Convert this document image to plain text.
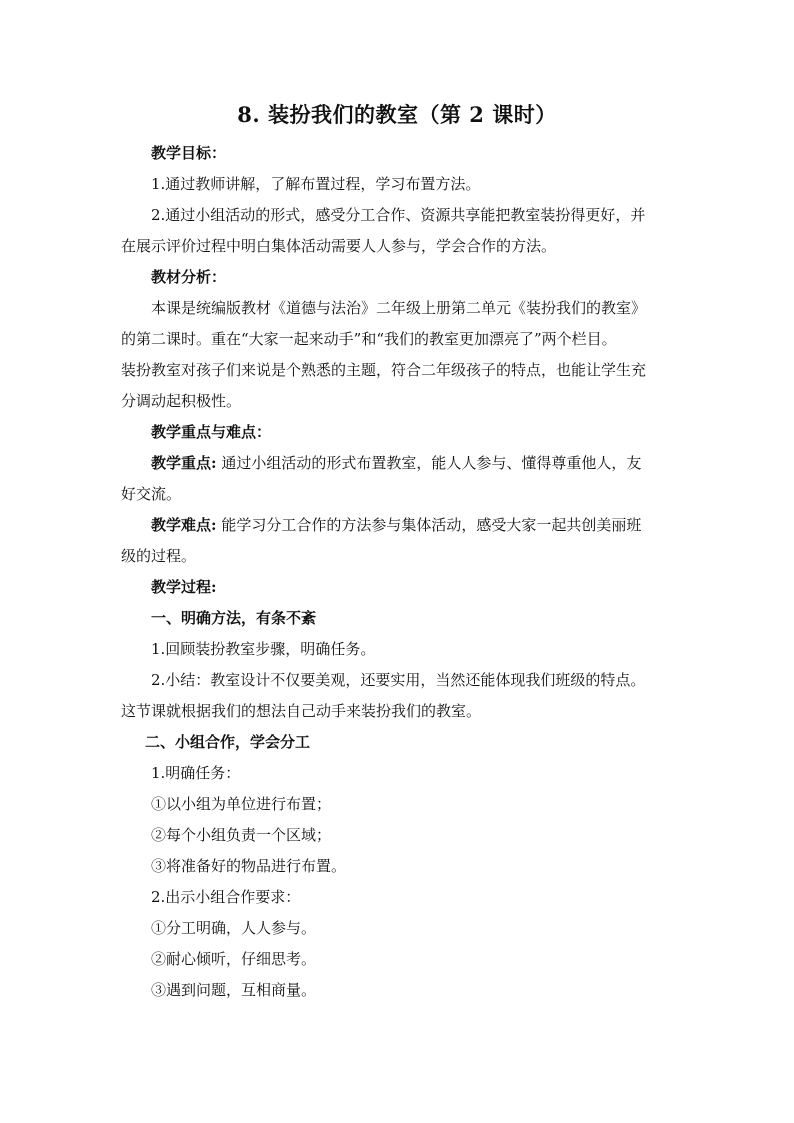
8. 装扮我们的教室（第 2 课时）

教学目标：

1.通过教师讲解，了解布置过程，学习布置方法。

2.通过小组活动的形式，感受分工合作、资源共享能把教室装扮得更好，并

在展示评价过程中明白集体活动需要人人参与，学会合作的方法。

教材分析：

本课是统编版教材《道德与法治》二年级上册第二单元《装扮我们的教室》

的第二课时。重在“大家一起来动手”和“我们的教室更加漂亮了”两个栏目。

装扮教室对孩子们来说是个熟悉的主题，符合二年级孩子的特点，也能让学生充

分调动起积极性。

教学重点与难点：

教学重点: 通过小组活动的形式布置教室，能人人参与、懂得尊重他人，友

好交流。

教学难点: 能学习分工合作的方法参与集体活动，感受大家一起共创美丽班

级的过程。

教学过程:

一、明确方法，有条不紊

1.回顾装扮教室步骤，明确任务。

2.小结：教室设计不仅要美观，还要实用，当然还能体现我们班级的特点。

这节课就根据我们的想法自己动手来装扮我们的教室。

二、小组合作，学会分工

1.明确任务：

①以小组为单位进行布置；

②每个小组负责一个区域；

③将准备好的物品进行布置。

2.出示小组合作要求：

①分工明确，人人参与。

②耐心倾听，仔细思考。

③遇到问题，互相商量。
